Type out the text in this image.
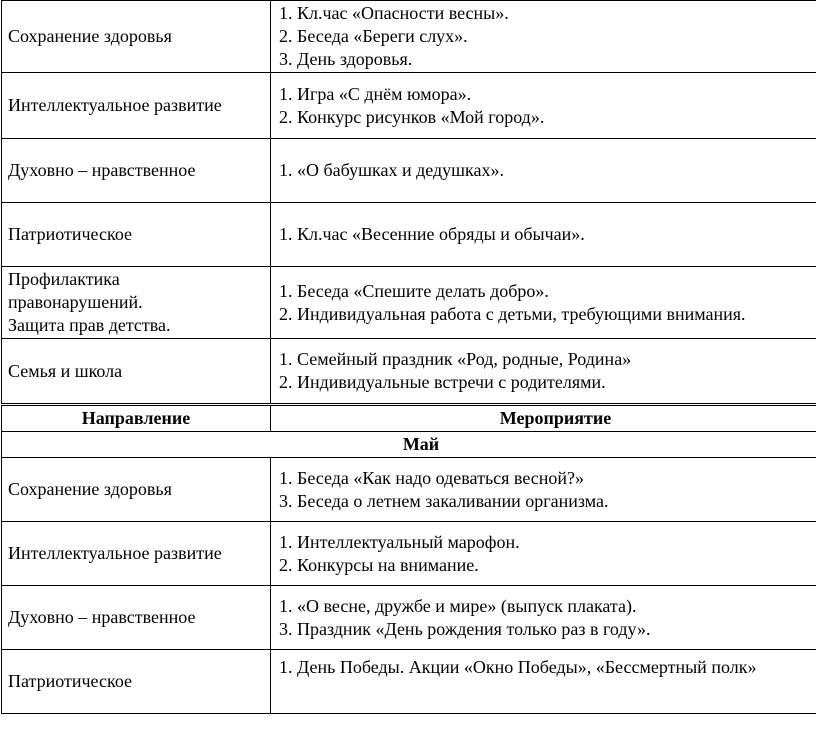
Сохранение здоровья	1. Кл.час «Опасности весны».
2. Беседа «Береги слух».
3. День здоровья.

Интеллектуальное развитие	1. Игра «С днём юмора».
2. Конкурс рисунков «Мой город».

Духовно – нравственное	1. «О бабушках и дедушках».

Патриотическое	1. Кл.час «Весенние обряды и обычаи».

Профилактика
правонарушений.
Защита прав детства.	1. Беседа «Спешите делать добро».
2. Индивидуальная работа с детьми, требующими внимания.

Семья и школа	1. Семейный праздник «Род, родные, Родина»
2. Индивидуальные встречи с родителями.

Направление	Мероприятие
Май	

Сохранение здоровья	1. Беседа «Как надо одеваться весной?»
3. Беседа о летнем закаливании организма.

Интеллектуальное развитие	1. Интеллектуальный марофон.
2. Конкурсы на внимание.

Духовно – нравственное	1. «О весне, дружбе и мире» (выпуск плаката).
3. Праздник «День рождения только раз в году».

Патриотическое	1. День Победы. Акции «Окно Победы», «Бессмертный полк»
